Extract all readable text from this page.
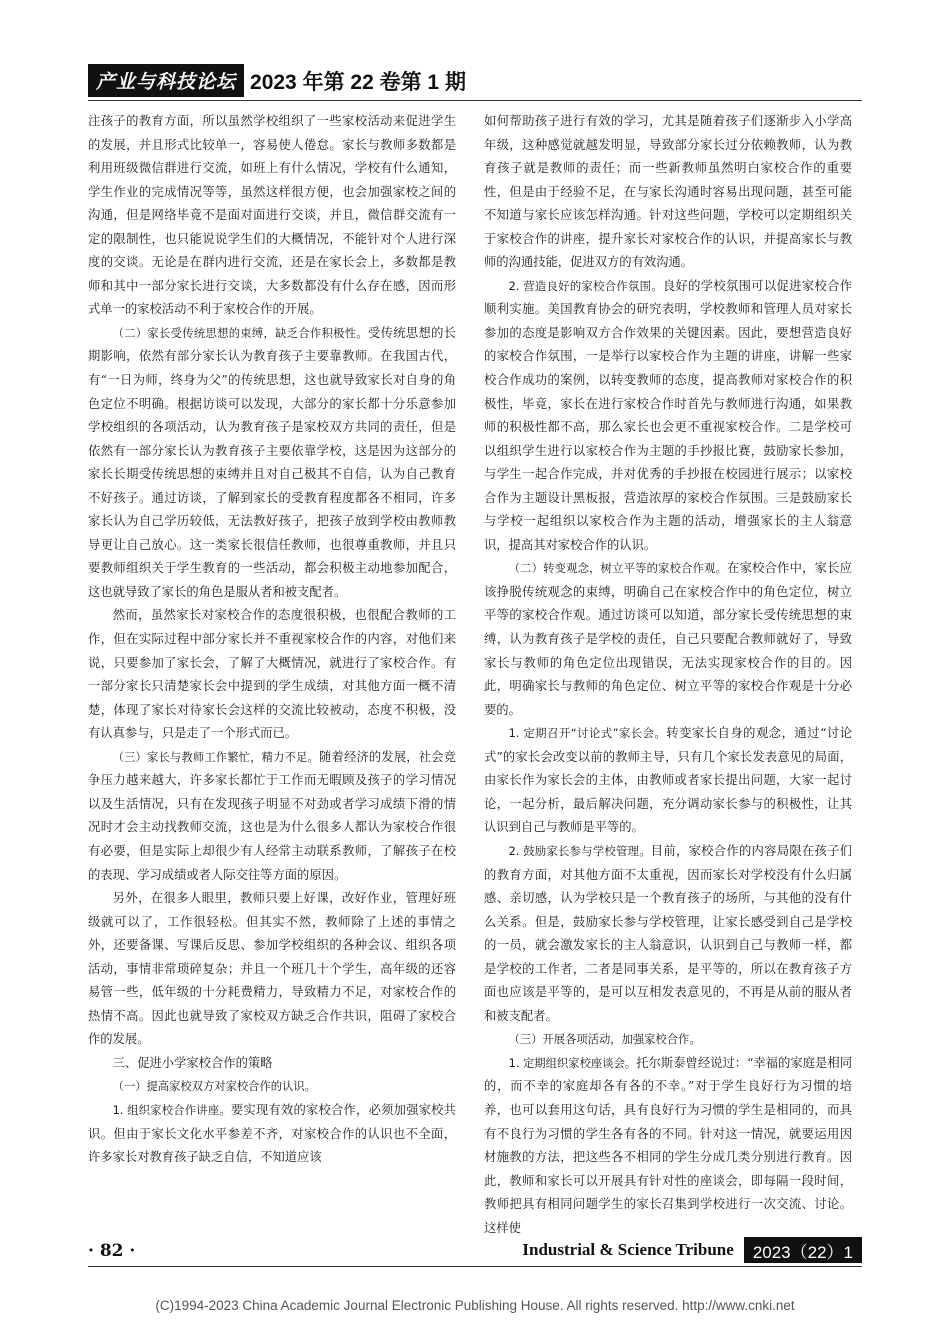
产业与科技论坛 2023 年第 22 卷第 1 期

注孩子的教育方面，所以虽然学校组织了一些家校活动来促进学生的发展，并且形式比较单一，容易使人倦怠。家长与教师多数都是利用班级微信群进行交流，如班上有什么情况，学校有什么通知，学生作业的完成情况等等，虽然这样很方便，也会加强家校之间的沟通，但是网络毕竟不是面对面进行交谈，并且，微信群交流有一定的限制性，也只能说说学生们的大概情况，不能针对个人进行深度的交谈。无论是在群内进行交流，还是在家长会上，多数都是教师和其中一部分家长进行交谈，大多数都没有什么存在感，因而形式单一的家校活动不利于家校合作的开展。

（二）家长受传统思想的束缚，缺乏合作积极性。受传统思想的长期影响，依然有部分家长认为教育孩子主要靠教师。在我国古代，有“一日为师，终身为父”的传统思想，这也就导致家长对自身的角色定位不明确。根据访谈可以发现，大部分的家长都十分乐意参加学校组织的各项活动，认为教育孩子是家校双方共同的责任，但是依然有一部分家长认为教育孩子主要依靠学校，这是因为这部分的家长长期受传统思想的束缚并且对自己极其不自信，认为自己教育不好孩子。通过访谈，了解到家长的受教育程度都各不相同，许多家长认为自己学历较低，无法教好孩子，把孩子放到学校由教师教导更让自己放心。这一类家长很信任教师，也很尊重教师，并且只要教师组织关于学生教育的一些活动，都会积极主动地参加配合，这也就导致了家长的角色是服从者和被支配者。

然而，虽然家长对家校合作的态度很积极，也很配合教师的工作，但在实际过程中部分家长并不重视家校合作的内容，对他们来说，只要参加了家长会，了解了大概情况，就进行了家校合作。有一部分家长只清楚家长会中提到的学生成绩，对其他方面一概不清楚，体现了家长对待家长会这样的交流比较被动，态度不积极，没有认真参与，只是走了一个形式而已。

（三）家长与教师工作繁忙，精力不足。随着经济的发展，社会竞争压力越来越大，许多家长都忙于工作而无暇顾及孩子的学习情况以及生活情况，只有在发现孩子明显不对劲或者学习成绩下滑的情况时才会主动找教师交流，这也是为什么很多人都认为家校合作很有必要，但是实际上却很少有人经常主动联系教师，了解孩子在校的表现、学习成绩或者人际交往等方面的原因。

另外，在很多人眼里，教师只要上好课，改好作业，管理好班级就可以了，工作很轻松。但其实不然，教师除了上述的事情之外，还要备课、写课后反思、参加学校组织的各种会议、组织各项活动，事情非常琐碎复杂；并且一个班几十个学生，高年级的还容易管一些，低年级的十分耗费精力，导致精力不足，对家校合作的热情不高。因此也就导致了家校双方缺乏合作共识，阻碍了家校合作的发展。

三、促进小学家校合作的策略

（一）提高家校双方对家校合作的认识。

1. 组织家校合作讲座。要实现有效的家校合作，必须加强家校共识。但由于家长文化水平参差不齐，对家校合作的认识也不全面，许多家长对教育孩子缺乏自信，不知道应该

如何帮助孩子进行有效的学习，尤其是随着孩子们逐渐步入小学高年级，这种感觉就越发明显，导致部分家长过分依赖教师，认为教育孩子就是教师的责任；而一些新教师虽然明白家校合作的重要性，但是由于经验不足，在与家长沟通时容易出现问题，甚至可能不知道与家长应该怎样沟通。针对这些问题，学校可以定期组织关于家校合作的讲座，提升家长对家校合作的认识，并提高家长与教师的沟通技能，促进双方的有效沟通。

2. 营造良好的家校合作氛围。良好的学校氛围可以促进家校合作顺利实施。美国教育协会的研究表明，学校教师和管理人员对家长参加的态度是影响双方合作效果的关键因素。因此，要想营造良好的家校合作氛围，一是举行以家校合作为主题的讲座，讲解一些家校合作成功的案例，以转变教师的态度，提高教师对家校合作的积极性，毕竟，家长在进行家校合作时首先与教师进行沟通，如果教师的积极性都不高，那么家长也会更不重视家校合作。二是学校可以组织学生进行以家校合作为主题的手抄报比赛，鼓励家长参加，与学生一起合作完成，并对优秀的手抄报在校园进行展示；以家校合作为主题设计黑板报，营造浓厚的家校合作氛围。三是鼓励家长与学校一起组织以家校合作为主题的活动，增强家长的主人翁意识，提高其对家校合作的认识。

（二）转变观念，树立平等的家校合作观。在家校合作中，家长应该挣脱传统观念的束缚，明确自己在家校合作中的角色定位，树立平等的家校合作观。通过访谈可以知道，部分家长受传统思想的束缚，认为教育孩子是学校的责任，自己只要配合教师就好了，导致家长与教师的角色定位出现错误，无法实现家校合作的目的。因此，明确家长与教师的角色定位、树立平等的家校合作观是十分必要的。

1. 定期召开“讨论式”家长会。转变家长自身的观念，通过“讨论式”的家长会改变以前的教师主导，只有几个家长发表意见的局面，由家长作为家长会的主体，由教师或者家长提出问题，大家一起讨论，一起分析，最后解决问题，充分调动家长参与的积极性，让其认识到自己与教师是平等的。

2. 鼓励家长参与学校管理。目前，家校合作的内容局限在孩子们的教育方面，对其他方面不太重视，因而家长对学校没有什么归属感、亲切感，认为学校只是一个教育孩子的场所，与其他的没有什么关系。但是，鼓励家长参与学校管理，让家长感受到自己是学校的一员，就会激发家长的主人翁意识，认识到自己与教师一样，都是学校的工作者，二者是同事关系，是平等的，所以在教育孩子方面也应该是平等的，是可以互相发表意见的，不再是从前的服从者和被支配者。

（三）开展各项活动，加强家校合作。

1. 定期组织家校座谈会。托尔斯泰曾经说过：“幸福的家庭是相同的，而不幸的家庭却各有各的不幸。”对于学生良好行为习惯的培养，也可以套用这句话，具有良好行为习惯的学生是相同的，而具有不良行为习惯的学生各有各的不同。针对这一情况，就要运用因材施教的方法，把这些各不相同的学生分成几类分别进行教育。因此，教师和家长可以开展具有针对性的座谈会，即每隔一段时间，教师把具有相同问题学生的家长召集到学校进行一次交流、讨论。这样使

· 82 ·	Industrial & Science Tribune	2023（22）1
(C)1994-2023 China Academic Journal Electronic Publishing House. All rights reserved. http://www.cnki.net
